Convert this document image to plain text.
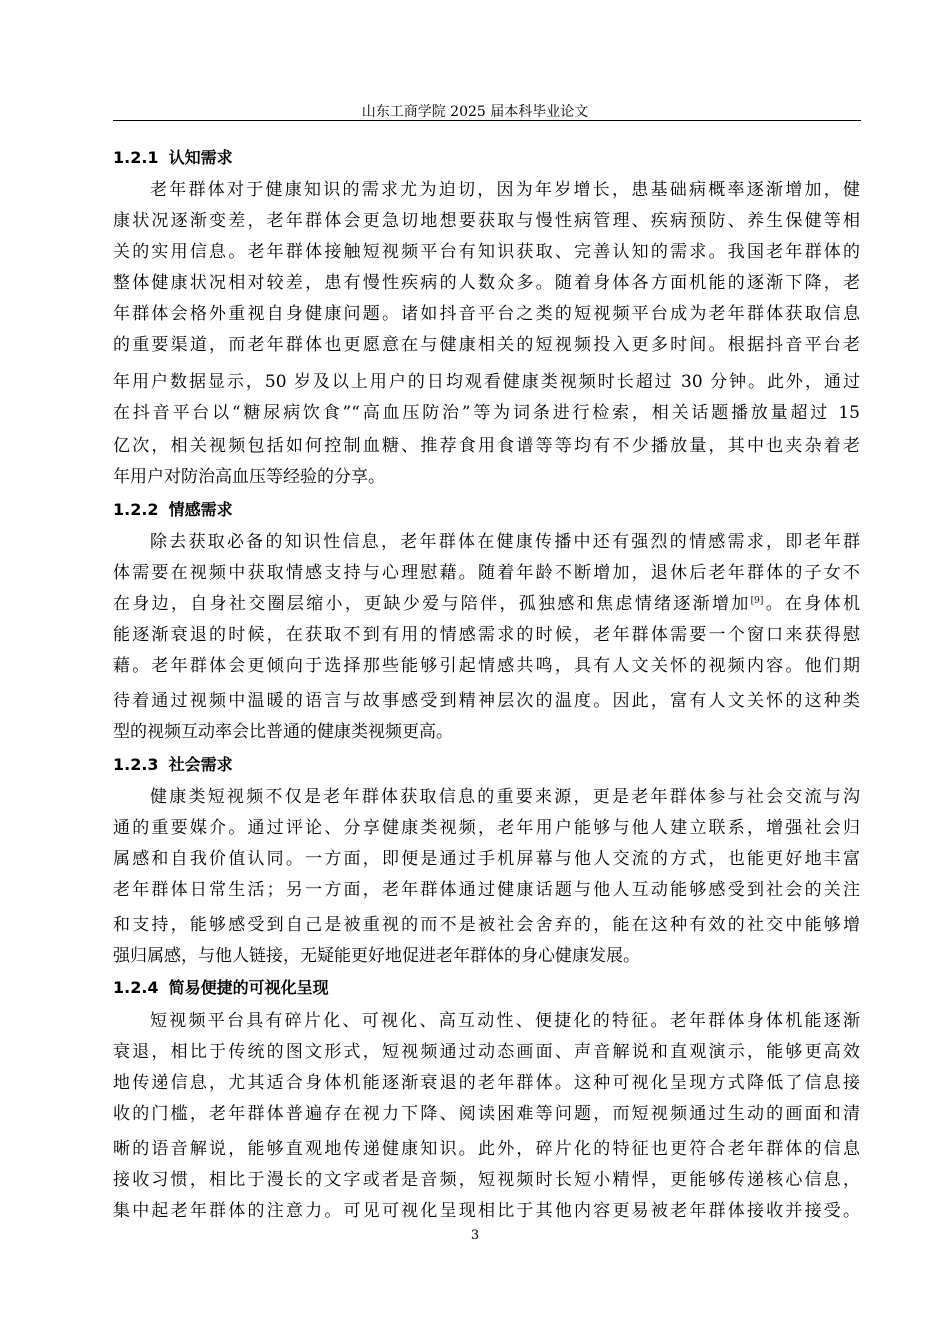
山东工商学院 2025 届本科毕业论文
1.2.1 认知需求
老年群体对于健康知识的需求尤为迫切，因为年岁增长，患基础病概率逐渐增加，健
康状况逐渐变差，老年群体会更急切地想要获取与慢性病管理、疾病预防、养生保健等相
关的实用信息。老年群体接触短视频平台有知识获取、完善认知的需求。我国老年群体的
整体健康状况相对较差，患有慢性疾病的人数众多。随着身体各方面机能的逐渐下降，老
年群体会格外重视自身健康问题。诸如抖音平台之类的短视频平台成为老年群体获取信息
的重要渠道，而老年群体也更愿意在与健康相关的短视频投入更多时间。根据抖音平台老
年用户数据显示，50 岁及以上用户的日均观看健康类视频时长超过 30 分钟。此外，通过
在抖音平台以“糖尿病饮食”“高血压防治”等为词条进行检索，相关话题播放量超过 15
亿次，相关视频包括如何控制血糖、推荐食用食谱等等均有不少播放量，其中也夹杂着老
年用户对防治高血压等经验的分享。
1.2.2 情感需求
除去获取必备的知识性信息，老年群体在健康传播中还有强烈的情感需求，即老年群
体需要在视频中获取情感支持与心理慰藉。随着年龄不断增加，退休后老年群体的子女不
在身边，自身社交圈层缩小，更缺少爱与陪伴，孤独感和焦虑情绪逐渐增加[9]。在身体机
能逐渐衰退的时候，在获取不到有用的情感需求的时候，老年群体需要一个窗口来获得慰
藉。老年群体会更倾向于选择那些能够引起情感共鸣，具有人文关怀的视频内容。他们期
待着通过视频中温暖的语言与故事感受到精神层次的温度。因此，富有人文关怀的这种类
型的视频互动率会比普通的健康类视频更高。
1.2.3 社会需求
健康类短视频不仅是老年群体获取信息的重要来源，更是老年群体参与社会交流与沟
通的重要媒介。通过评论、分享健康类视频，老年用户能够与他人建立联系，增强社会归
属感和自我价值认同。一方面，即便是通过手机屏幕与他人交流的方式，也能更好地丰富
老年群体日常生活；另一方面，老年群体通过健康话题与他人互动能够感受到社会的关注
和支持，能够感受到自己是被重视的而不是被社会舍弃的，能在这种有效的社交中能够增
强归属感，与他人链接，无疑能更好地促进老年群体的身心健康发展。
1.2.4 简易便捷的可视化呈现
短视频平台具有碎片化、可视化、高互动性、便捷化的特征。老年群体身体机能逐渐
衰退，相比于传统的图文形式，短视频通过动态画面、声音解说和直观演示，能够更高效
地传递信息，尤其适合身体机能逐渐衰退的老年群体。这种可视化呈现方式降低了信息接
收的门槛，老年群体普遍存在视力下降、阅读困难等问题，而短视频通过生动的画面和清
晰的语音解说，能够直观地传递健康知识。此外，碎片化的特征也更符合老年群体的信息
接收习惯，相比于漫长的文字或者是音频，短视频时长短小精悍，更能够传递核心信息，
集中起老年群体的注意力。可见可视化呈现相比于其他内容更易被老年群体接收并接受。
3
